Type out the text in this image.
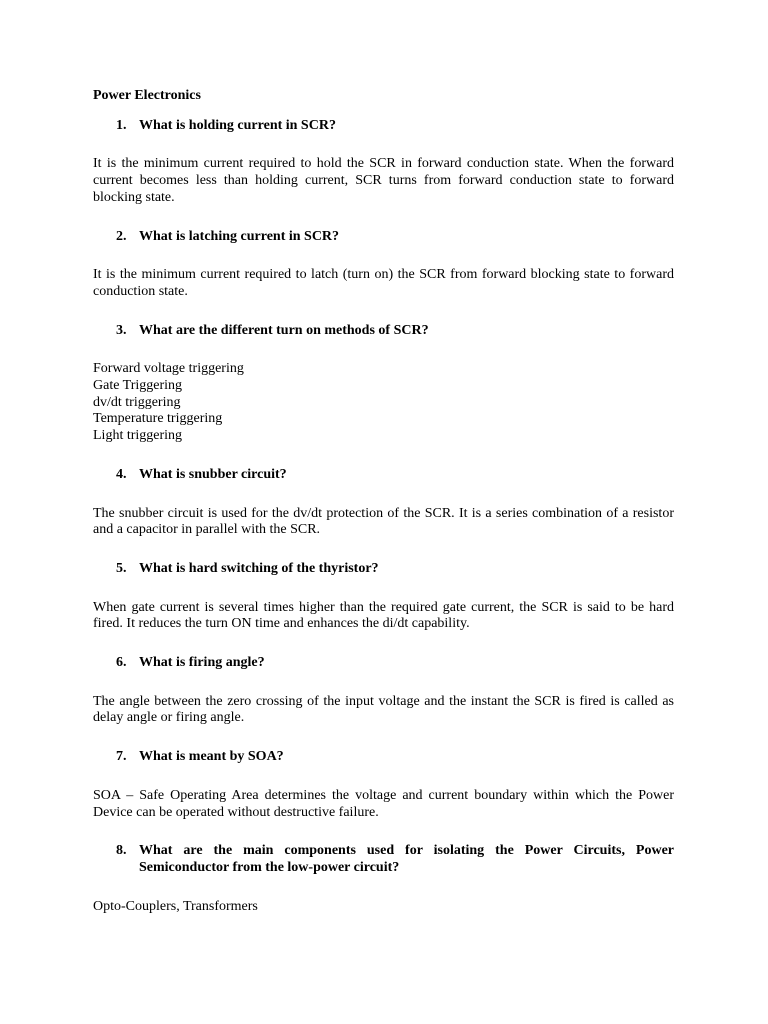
Power Electronics
1. What is holding current in SCR?

It is the minimum current required to hold the SCR in forward conduction state. When the forward current becomes less than holding current, SCR turns from forward conduction state to forward blocking state.

2. What is latching current in SCR?

It is the minimum current required to latch (turn on) the SCR from forward blocking state to forward conduction state.

3. What are the different turn on methods of SCR?
Forward voltage triggering
Gate Triggering
dv/dt triggering
Temperature triggering
Light triggering
4. What is snubber circuit?

The snubber circuit is used for the dv/dt protection of the SCR. It is a series combination of a resistor and a capacitor in parallel with the SCR.

5. What is hard switching of the thyristor?

When gate current is several times higher than the required gate current, the SCR is said to be hard fired. It reduces the turn ON time and enhances the di/dt capability.

6. What is firing angle?

The angle between the zero crossing of the input voltage and the instant the SCR is fired is called as delay angle or firing angle.

7. What is meant by SOA?

SOA – Safe Operating Area determines the voltage and current boundary within which the Power Device can be operated without destructive failure.

8. What are the main components used for isolating the Power Circuits, Power Semiconductor from the low-power circuit?

Opto-Couplers, Transformers
